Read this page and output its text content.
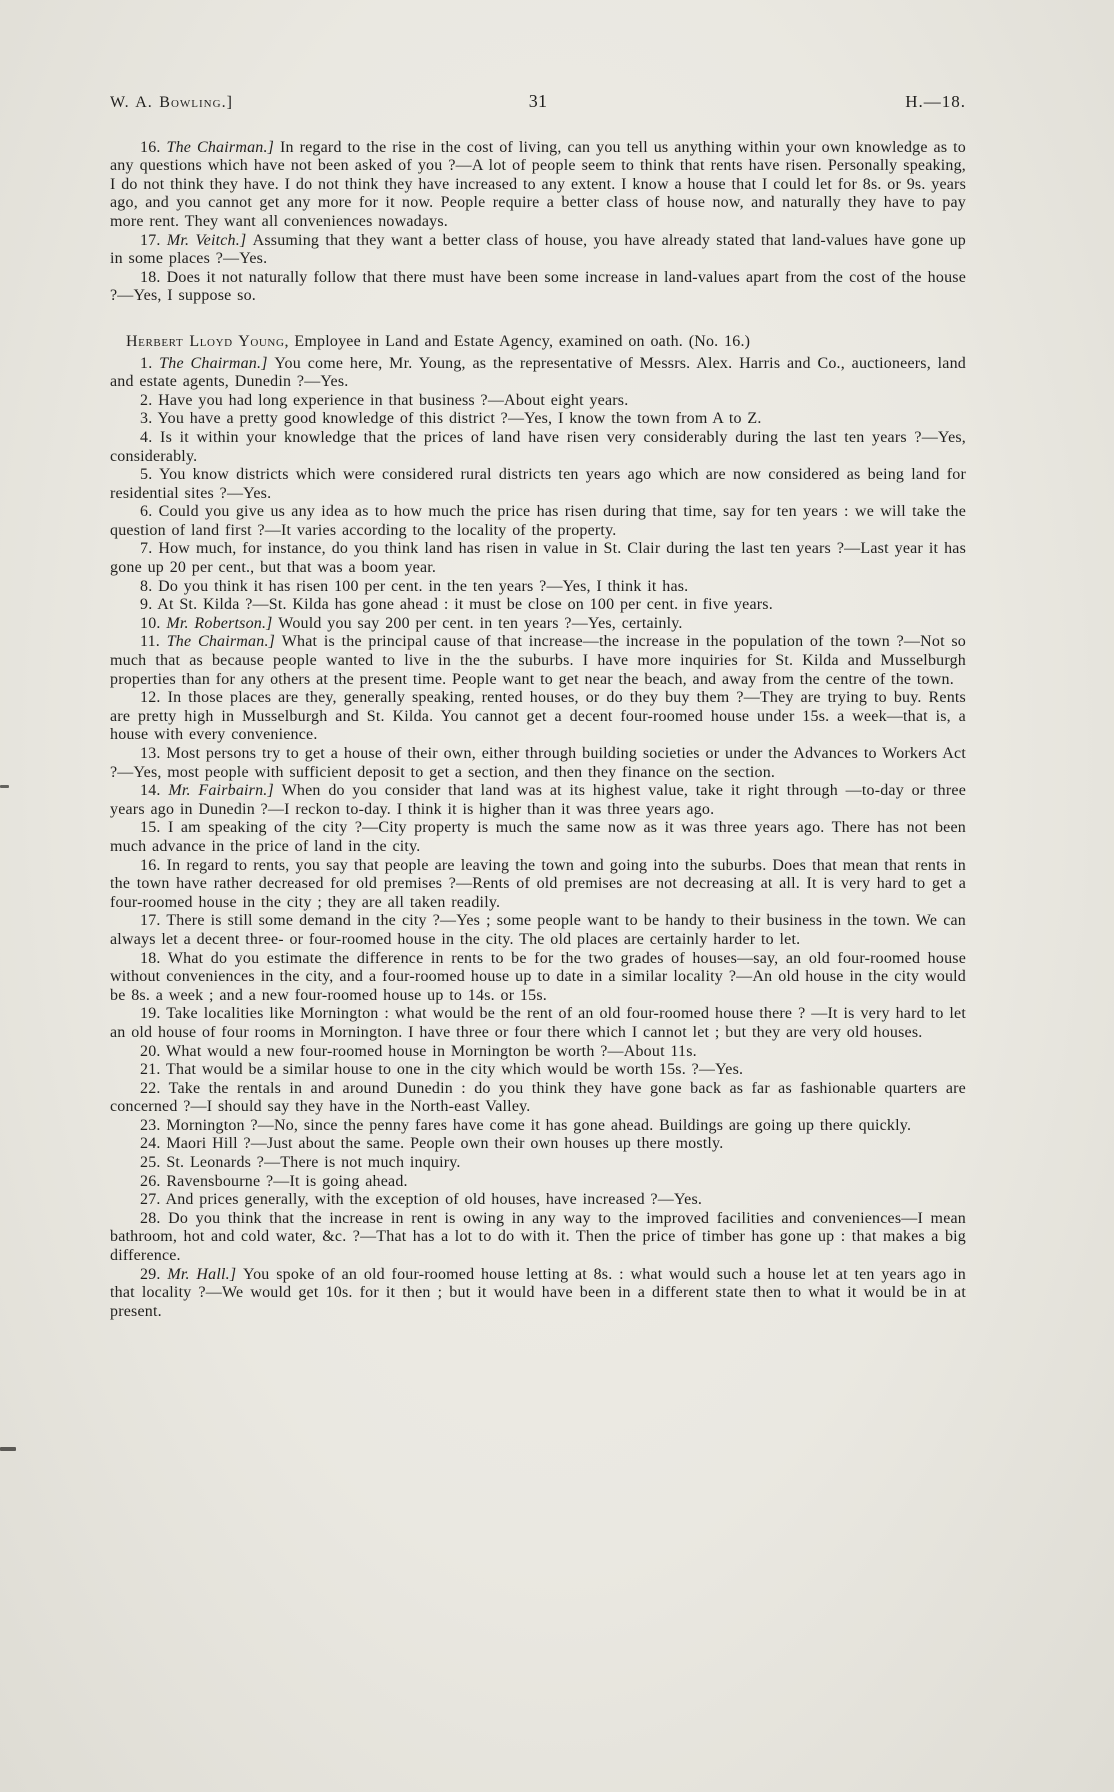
W. A. Bowling.]	31	H.—18.

16. The Chairman.] In regard to the rise in the cost of living, can you tell us anything within your own knowledge as to any questions which have not been asked of you ?—A lot of people seem to think that rents have risen. Personally speaking, I do not think they have. I do not think they have increased to any extent. I know a house that I could let for 8s. or 9s. years ago, and you cannot get any more for it now. People require a better class of house now, and naturally they have to pay more rent. They want all conveniences nowadays.

17. Mr. Veitch.] Assuming that they want a better class of house, you have already stated that land-values have gone up in some places ?—Yes.

18. Does it not naturally follow that there must have been some increase in land-values apart from the cost of the house ?—Yes, I suppose so.

Herbert Lloyd Young, Employee in Land and Estate Agency, examined on oath. (No. 16.)

1. The Chairman.] You come here, Mr. Young, as the representative of Messrs. Alex. Harris and Co., auctioneers, land and estate agents, Dunedin ?—Yes.

2. Have you had long experience in that business ?—About eight years.

3. You have a pretty good knowledge of this district ?—Yes, I know the town from A to Z.

4. Is it within your knowledge that the prices of land have risen very considerably during the last ten years ?—Yes, considerably.

5. You know districts which were considered rural districts ten years ago which are now considered as being land for residential sites ?—Yes.

6. Could you give us any idea as to how much the price has risen during that time, say for ten years : we will take the question of land first ?—It varies according to the locality of the property.

7. How much, for instance, do you think land has risen in value in St. Clair during the last ten years ?—Last year it has gone up 20 per cent., but that was a boom year.

8. Do you think it has risen 100 per cent. in the ten years ?—Yes, I think it has.

9. At St. Kilda ?—St. Kilda has gone ahead : it must be close on 100 per cent. in five years.

10. Mr. Robertson.] Would you say 200 per cent. in ten years ?—Yes, certainly.

11. The Chairman.] What is the principal cause of that increase—the increase in the population of the town ?—Not so much that as because people wanted to live in the the suburbs. I have more inquiries for St. Kilda and Musselburgh properties than for any others at the present time. People want to get near the beach, and away from the centre of the town.

12. In those places are they, generally speaking, rented houses, or do they buy them ?—They are trying to buy. Rents are pretty high in Musselburgh and St. Kilda. You cannot get a decent four-roomed house under 15s. a week—that is, a house with every convenience.

13. Most persons try to get a house of their own, either through building societies or under the Advances to Workers Act ?—Yes, most people with sufficient deposit to get a section, and then they finance on the section.

14. Mr. Fairbairn.] When do you consider that land was at its highest value, take it right through —to-day or three years ago in Dunedin ?—I reckon to-day. I think it is higher than it was three years ago.

15. I am speaking of the city ?—City property is much the same now as it was three years ago. There has not been much advance in the price of land in the city.

16. In regard to rents, you say that people are leaving the town and going into the suburbs. Does that mean that rents in the town have rather decreased for old premises ?—Rents of old premises are not decreasing at all. It is very hard to get a four-roomed house in the city ; they are all taken readily.

17. There is still some demand in the city ?—Yes ; some people want to be handy to their business in the town. We can always let a decent three- or four-roomed house in the city. The old places are certainly harder to let.

18. What do you estimate the difference in rents to be for the two grades of houses—say, an old four-roomed house without conveniences in the city, and a four-roomed house up to date in a similar locality ?—An old house in the city would be 8s. a week ; and a new four-roomed house up to 14s. or 15s.

19. Take localities like Mornington : what would be the rent of an old four-roomed house there ? —It is very hard to let an old house of four rooms in Mornington. I have three or four there which I cannot let ; but they are very old houses.

20. What would a new four-roomed house in Mornington be worth ?—About 11s.

21. That would be a similar house to one in the city which would be worth 15s. ?—Yes.

22. Take the rentals in and around Dunedin : do you think they have gone back as far as fashionable quarters are concerned ?—I should say they have in the North-east Valley.

23. Mornington ?—No, since the penny fares have come it has gone ahead. Buildings are going up there quickly.

24. Maori Hill ?—Just about the same. People own their own houses up there mostly.

25. St. Leonards ?—There is not much inquiry.

26. Ravensbourne ?—It is going ahead.

27. And prices generally, with the exception of old houses, have increased ?—Yes.

28. Do you think that the increase in rent is owing in any way to the improved facilities and conveniences—I mean bathroom, hot and cold water, &c. ?—That has a lot to do with it. Then the price of timber has gone up : that makes a big difference.

29. Mr. Hall.] You spoke of an old four-roomed house letting at 8s. : what would such a house let at ten years ago in that locality ?—We would get 10s. for it then ; but it would have been in a different state then to what it would be in at present.
